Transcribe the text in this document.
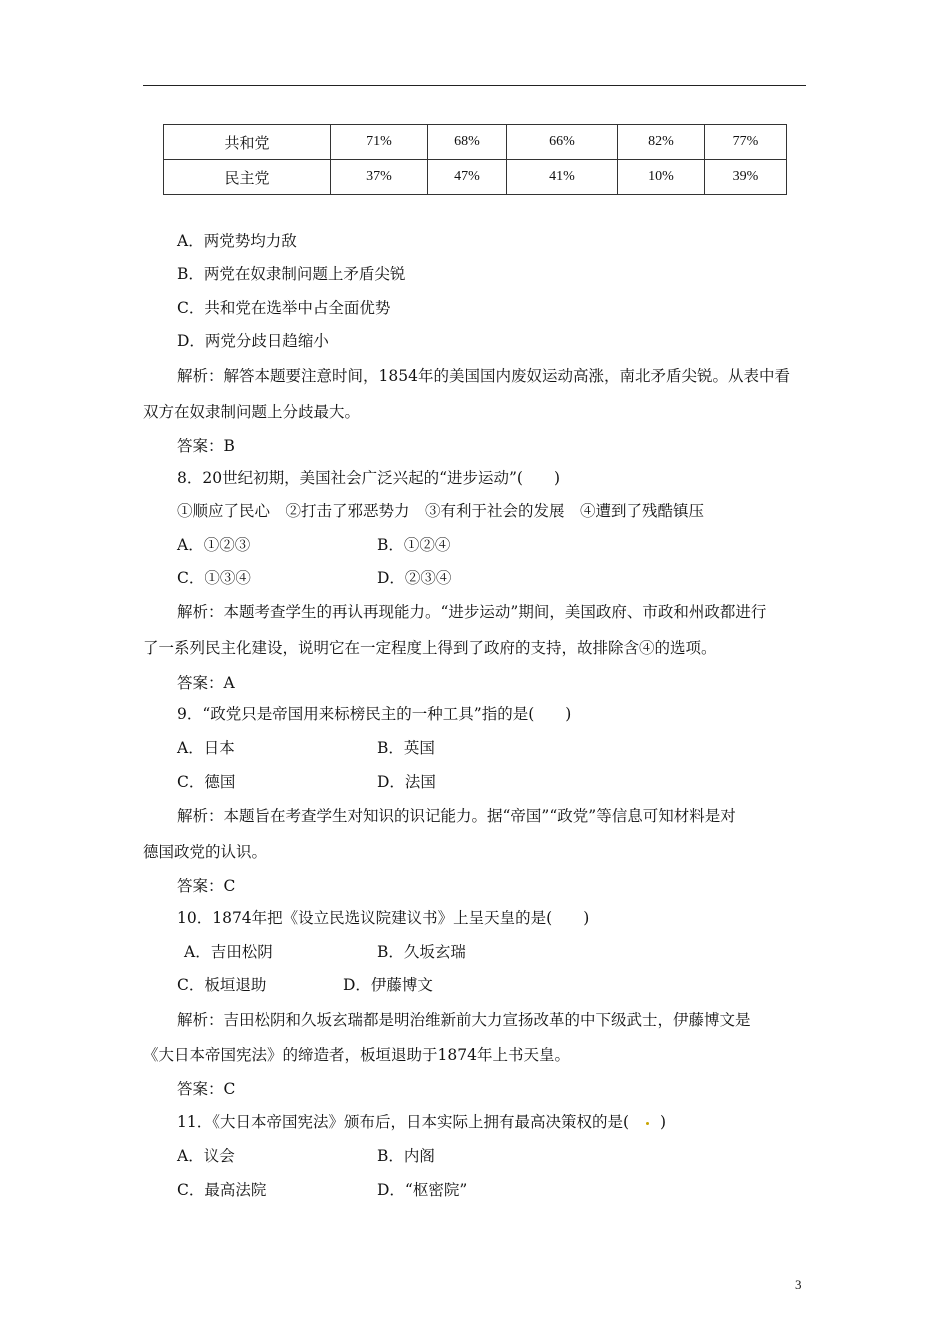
共和党	71%	68%	66%	82%	77%
民主党	37%	47%	41%	10%	39%
A．两党势均力敌
B．两党在奴隶制问题上矛盾尖锐
C．共和党在选举中占全面优势
D．两党分歧日趋缩小
解析：解答本题要注意时间，1854年的美国国内废奴运动高涨，南北矛盾尖锐。从表中看
双方在奴隶制问题上分歧最大。
答案：B
8．20世纪初期，美国社会广泛兴起的“进步运动”(　　)
①顺应了民心　②打击了邪恶势力　③有利于社会的发展　④遭到了残酷镇压
A．①②③	B．①②④
C．①③④	D．②③④
解析：本题考查学生的再认再现能力。“进步运动”期间，美国政府、市政和州政都进行
了一系列民主化建设，说明它在一定程度上得到了政府的支持，故排除含④的选项。
答案：A
9．“政党只是帝国用来标榜民主的一种工具”指的是(　　)
A．日本	B．英国
C．德国	D．法国
解析：本题旨在考查学生对知识的识记能力。据“帝国”“政党”等信息可知材料是对
德国政党的认识。
答案：C
10．1874年把《设立民选议院建议书》上呈天皇的是(　　)
A．吉田松阴	B．久坂玄瑞
C．板垣退助	D．伊藤博文
解析：吉田松阴和久坂玄瑞都是明治维新前大力宣扬改革的中下级武士，伊藤博文是
《大日本帝国宪法》的缔造者，板垣退助于1874年上书天皇。
答案：C
11．《大日本帝国宪法》颁布后，日本实际上拥有最高决策权的是( )
A．议会	B．内阁
C．最高法院	D．“枢密院”
3
